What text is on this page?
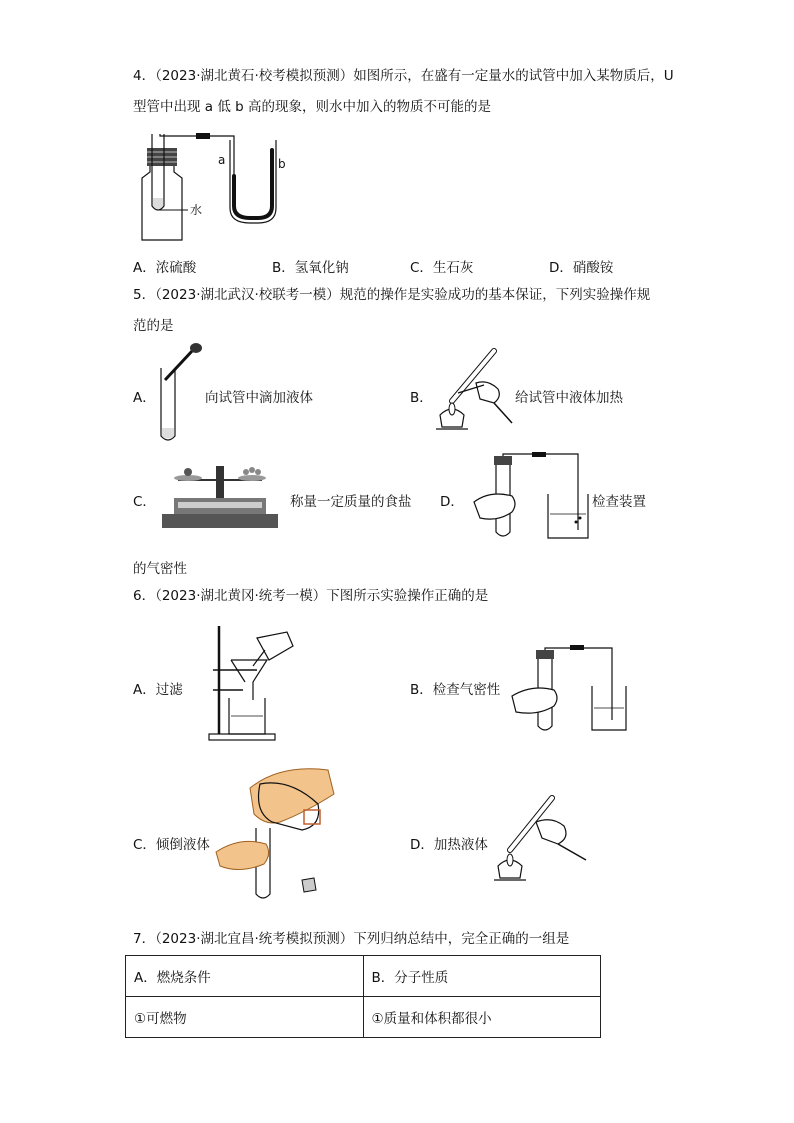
4．（2023·湖北黄石·校考模拟预测）如图所示，在盛有一定量水的试管中加入某物质后，U
型管中出现 a 低 b 高的现象，则水中加入的物质不可能的是
水
a	b
A．浓硫酸	B．氢氧化钠	C．生石灰	D．硝酸铵
5．（2023·湖北武汉·校联考一模）规范的操作是实验成功的基本保证，下列实验操作规
范的是
A．	向试管中滴加液体	B．	给试管中液体加热
C．	称量一定质量的食盐 D．	检查装置
的气密性
6．（2023·湖北黄冈·统考一模）下图所示实验操作正确的是
A．过滤	B．检查气密性
C．倾倒液体	D．加热液体
7．（2023·湖北宜昌·统考模拟预测）下列归纳总结中，完全正确的一组是
A．燃烧条件	B．分子性质
①可燃物	①质量和体积都很小
